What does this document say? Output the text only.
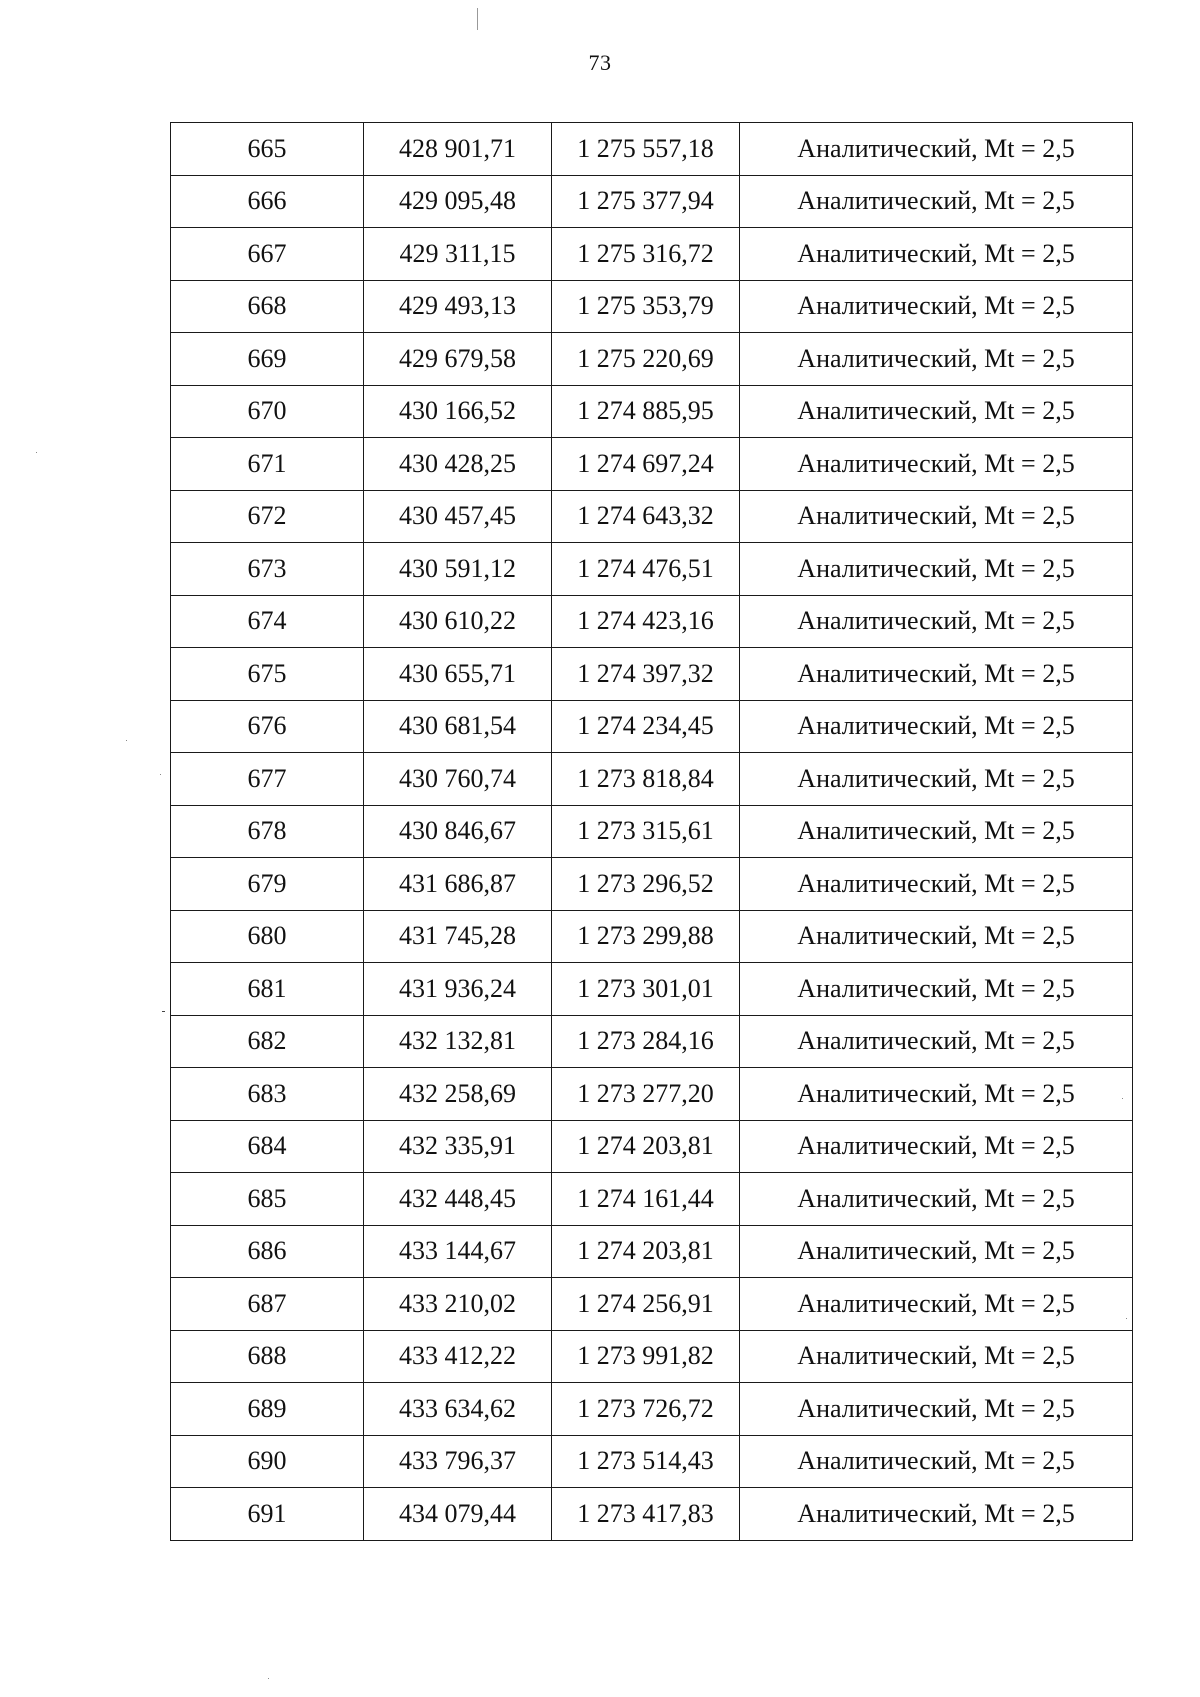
73
665	428 901,71	1 275 557,18	Аналитический, Mt = 2,5
666	429 095,48	1 275 377,94	Аналитический, Mt = 2,5
667	429 311,15	1 275 316,72	Аналитический, Mt = 2,5
668	429 493,13	1 275 353,79	Аналитический, Mt = 2,5
669	429 679,58	1 275 220,69	Аналитический, Mt = 2,5
670	430 166,52	1 274 885,95	Аналитический, Mt = 2,5
671	430 428,25	1 274 697,24	Аналитический, Mt = 2,5
672	430 457,45	1 274 643,32	Аналитический, Mt = 2,5
673	430 591,12	1 274 476,51	Аналитический, Mt = 2,5
674	430 610,22	1 274 423,16	Аналитический, Mt = 2,5
675	430 655,71	1 274 397,32	Аналитический, Mt = 2,5
676	430 681,54	1 274 234,45	Аналитический, Mt = 2,5
677	430 760,74	1 273 818,84	Аналитический, Mt = 2,5
678	430 846,67	1 273 315,61	Аналитический, Mt = 2,5
679	431 686,87	1 273 296,52	Аналитический, Mt = 2,5
680	431 745,28	1 273 299,88	Аналитический, Mt = 2,5
681	431 936,24	1 273 301,01	Аналитический, Mt = 2,5
682	432 132,81	1 273 284,16	Аналитический, Mt = 2,5
683	432 258,69	1 273 277,20	Аналитический, Mt = 2,5
684	432 335,91	1 274 203,81	Аналитический, Mt = 2,5
685	432 448,45	1 274 161,44	Аналитический, Mt = 2,5
686	433 144,67	1 274 203,81	Аналитический, Mt = 2,5
687	433 210,02	1 274 256,91	Аналитический, Mt = 2,5
688	433 412,22	1 273 991,82	Аналитический, Mt = 2,5
689	433 634,62	1 273 726,72	Аналитический, Mt = 2,5
690	433 796,37	1 273 514,43	Аналитический, Mt = 2,5
691	434 079,44	1 273 417,83	Аналитический, Mt = 2,5
